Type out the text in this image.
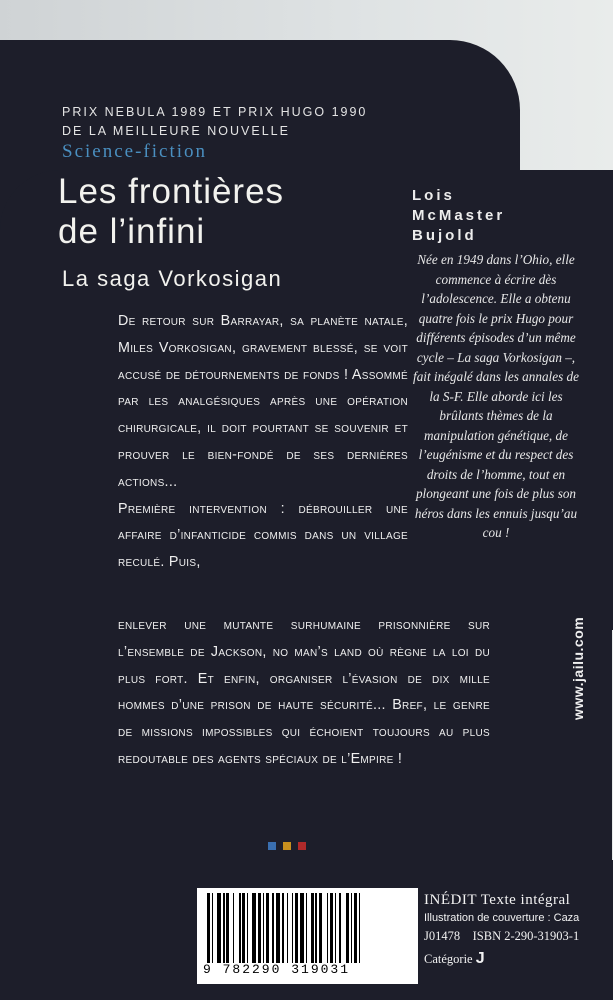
PRIX NEBULA 1989 ET PRIX HUGO 1990
DE LA MEILLEURE NOUVELLE
Science-fiction
Les frontières
de l’infini
La saga Vorkosigan
Lois
McMaster
Bujold
Née en 1949 dans l’Ohio, elle commence à écrire dès l’adolescence. Elle a obtenu quatre fois le prix Hugo pour différents épisodes d’un même cycle – La saga Vorkosigan –, fait inégalé dans les annales de la S-F. Elle aborde ici les brûlants thèmes de la manipulation génétique, de l’eugénisme et du respect des droits de l’homme, tout en plongeant une fois de plus son héros dans les ennuis jusqu’au cou !

De retour sur Barrayar, sa planète natale, Miles Vorkosigan, gravement blessé, se voit accusé de détournements de fonds ! Assommé par les analgésiques après une opération chirurgicale, il doit pourtant se souvenir et prouver le bien-fondé de ses dernières actions...

Première intervention : débrouiller une affaire d’infanticide commis dans un village reculé. Puis,

enlever une mutante surhumaine prisonnière sur l’ensemble de Jackson, no man’s land où règne la loi du plus fort. Et enfin, organiser l’évasion de dix mille hommes d’une prison de haute sécurité... Bref, le genre de missions impossibles qui échoient toujours au plus redoutable des agents spéciaux de l’Empire !

www.jailu.com
9 782290 319031
INÉDIT Texte intégral
Illustration de couverture : Caza
J01478 ISBN 2-290-31903-1
Catégorie J
